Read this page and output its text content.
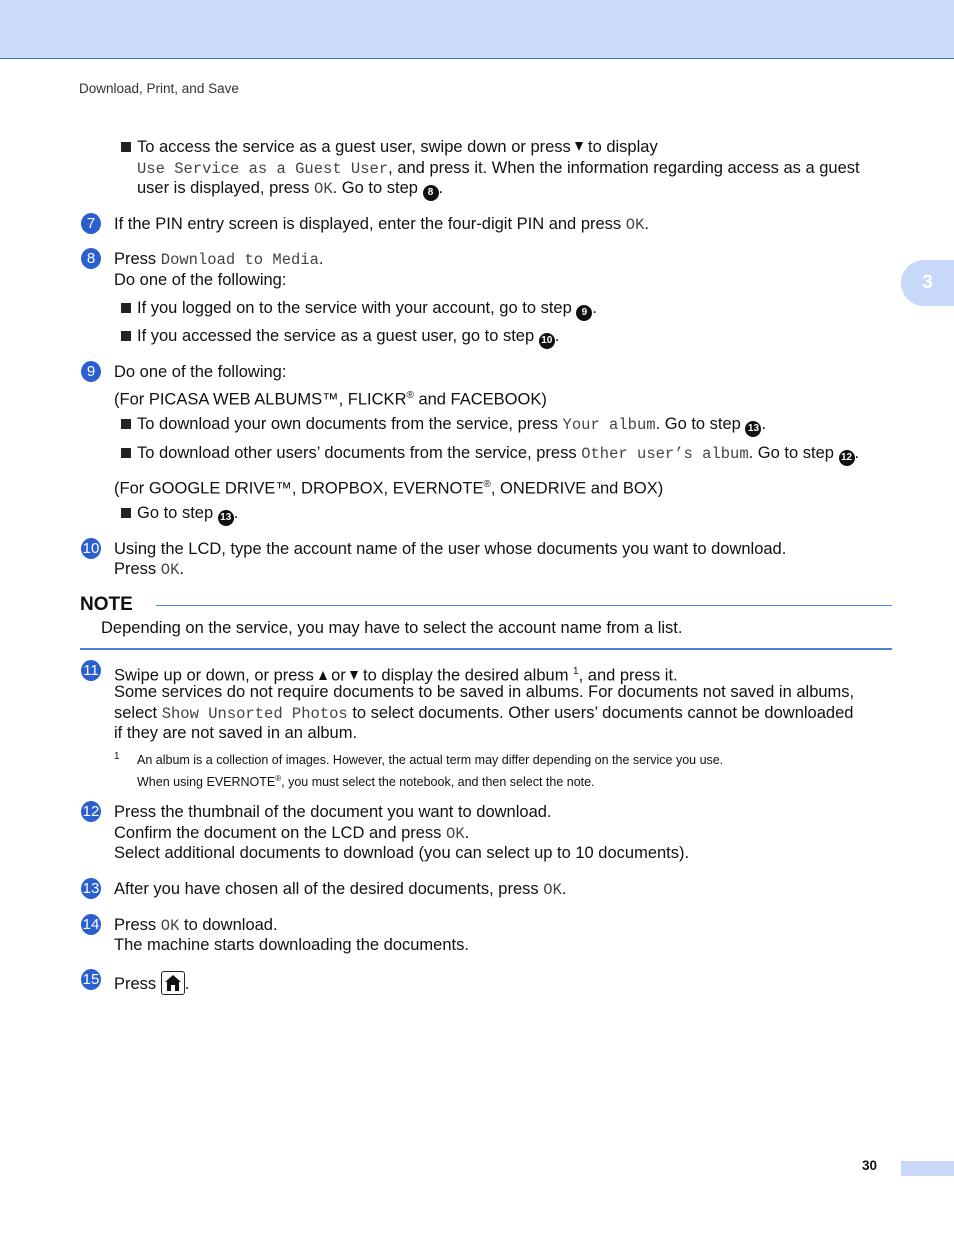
Download, Print, and Save
3
To access the service as a guest user, swipe down or press to display
Use Service as a Guest User, and press it. When the information regarding access as a guest
user is displayed, press OK. Go to step 8 .
7	If the PIN entry screen is displayed, enter the four-digit PIN and press OK.
8	Press Download to Media.
Do one of the following:
If you logged on to the service with your account, go to step 9 .
If you accessed the service as a guest user, go to step 10 .
9	Do one of the following:
(For PICASA WEB ALBUMS™, FLICKR® and FACEBOOK)
To download your own documents from the service, press Your album. Go to step 13 .
To download other users’ documents from the service, press Other user’s album. Go to step 12 .
(For GOOGLE DRIVE™, DROPBOX, EVERNOTE®, ONEDRIVE and BOX)
Go to step 13 .
10 Using the LCD, type the account name of the user whose documents you want to download.
Press OK.
NOTE
Depending on the service, you may have to select the account name from a list.
11 Swipe up or down, or press or to display the desired album $^1$, and press it.
Some services do not require documents to be saved in albums. For documents not saved in albums,
select Show Unsorted Photos to select documents. Other users’ documents cannot be downloaded
if they are not saved in an album.
1 An album is a collection of images. However, the actual term may differ depending on the service you use.
When using EVERNOTE®, you must select the notebook, and then select the note.
12 Press the thumbnail of the document you want to download.
Confirm the document on the LCD and press OK.
Select additional documents to download (you can select up to 10 documents).
13 After you have chosen all of the desired documents, press OK.
14 Press OK to download.
The machine starts downloading the documents.
15 Press .
30
